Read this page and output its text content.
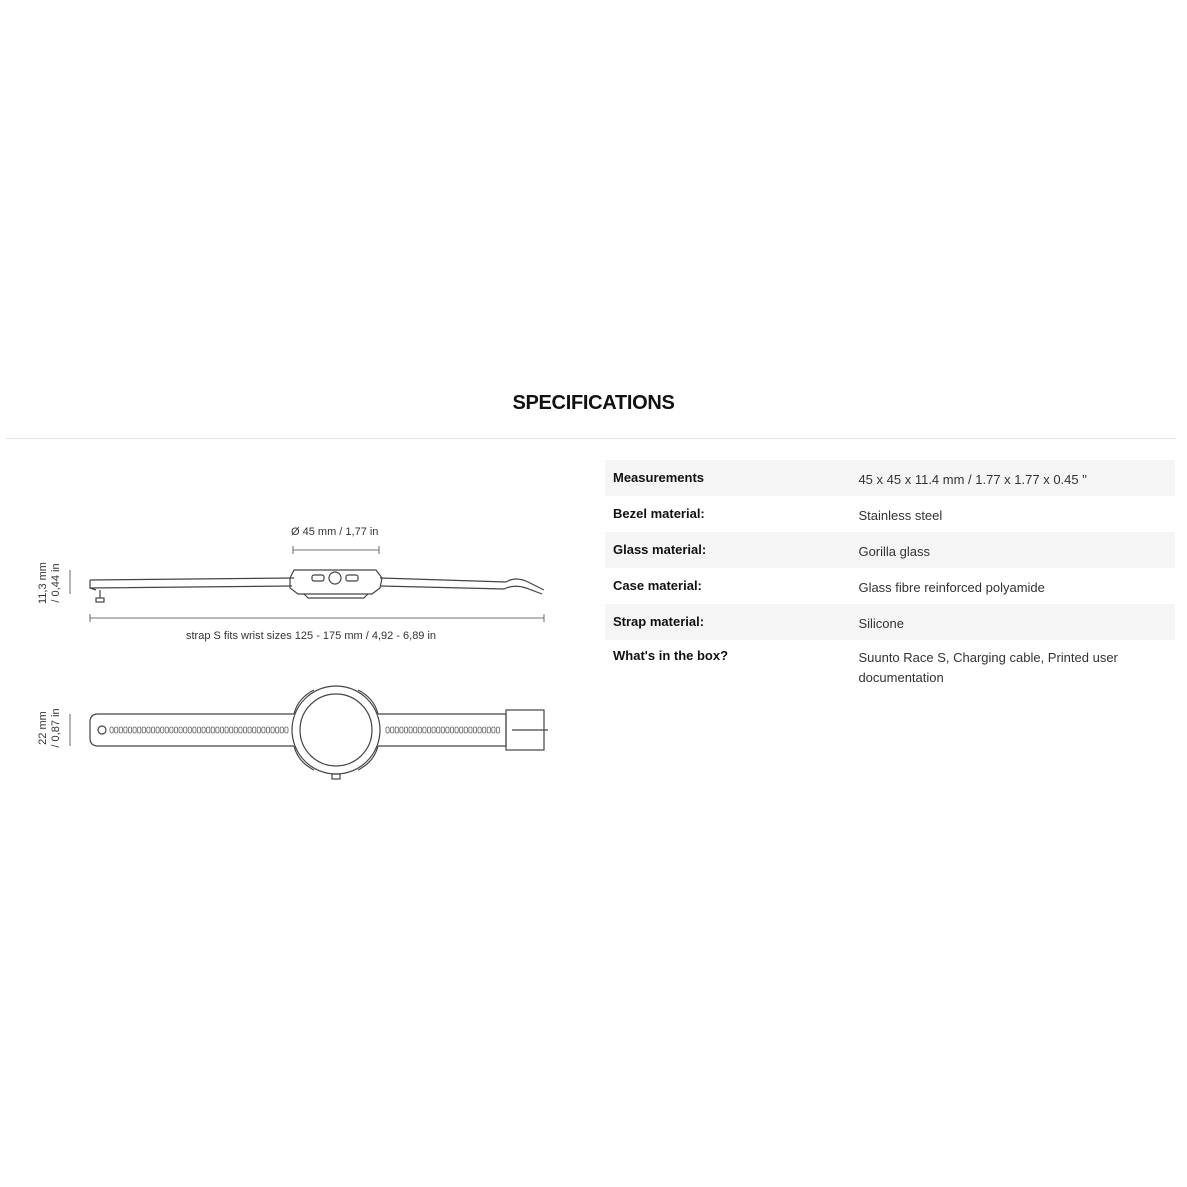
SPECIFICATIONS
Ø 45 mm / 1,77 in
strap S fits wrist sizes 125 - 175 mm / 4,92 - 6,89 in
11,3 mm / 0,44 in
22 mm / 0,87 in
Measurements	45 x 45 x 11.4 mm / 1.77 x 1.77 x 0.45 "
Bezel material:	Stainless steel
Glass material:	Gorilla glass
Case material:	Glass fibre reinforced polyamide
Strap material:	Silicone
What's in the box?	Suunto Race S, Charging cable, Printed user documentation
